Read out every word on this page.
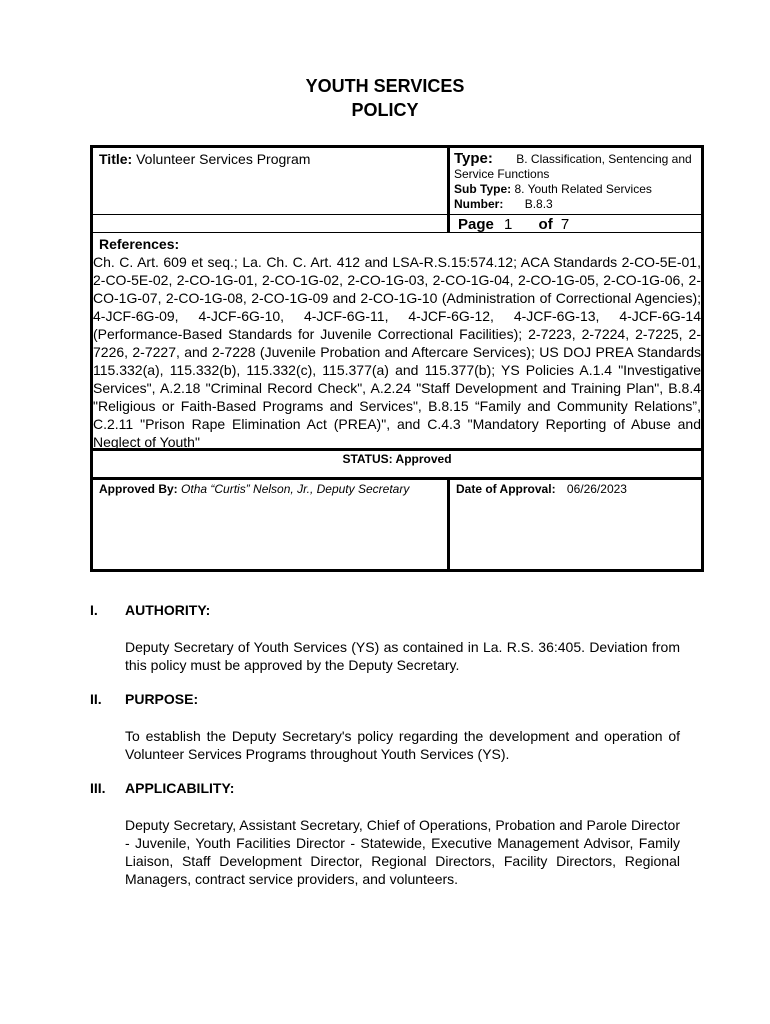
YOUTH SERVICES
POLICY
Title: Volunteer Services Program	Type: B. Classification, Sentencing and Service Functions
Sub Type: 8. Youth Related Services
Number: B.8.3
Page 1 of 7
References:
Ch. C. Art. 609 et seq.; La. Ch. C. Art. 412 and LSA-R.S.15:574.12; ACA Standards 2-CO-5E-01, 2-CO-5E-02, 2-CO-1G-01, 2-CO-1G-02, 2-CO-1G-03, 2-CO-1G-04, 2-CO-1G-05, 2-CO-1G-06, 2-CO-1G-07, 2-CO-1G-08, 2-CO-1G-09 and 2-CO-1G-10 (Administration of Correctional Agencies); 4-JCF-6G-09, 4-JCF-6G-10, 4-JCF-6G-11, 4-JCF-6G-12, 4-JCF-6G-13, 4-JCF-6G-14 (Performance-Based Standards for Juvenile Correctional Facilities); 2-7223, 2-7224, 2-7225, 2-7226, 2-7227, and 2-7228 (Juvenile Probation and Aftercare Services); US DOJ PREA Standards 115.332(a), 115.332(b), 115.332(c), 115.377(a) and 115.377(b); YS Policies A.1.4 "Investigative Services", A.2.18 "Criminal Record Check", A.2.24 "Staff Development and Training Plan", B.8.4 "Religious or Faith-Based Programs and Services", B.8.15 “Family and Community Relations”, C.2.11 "Prison Rape Elimination Act (PREA)", and C.4.3 "Mandatory Reporting of Abuse and Neglect of Youth"
STATUS: Approved
Approved By: Otha “Curtis” Nelson, Jr., Deputy Secretary	Date of Approval: 06/26/2023
I. AUTHORITY:
Deputy Secretary of Youth Services (YS) as contained in La. R.S. 36:405. Deviation from this policy must be approved by the Deputy Secretary.
II. PURPOSE:
To establish the Deputy Secretary's policy regarding the development and operation of Volunteer Services Programs throughout Youth Services (YS).
III. APPLICABILITY:
Deputy Secretary, Assistant Secretary, Chief of Operations, Probation and Parole Director - Juvenile, Youth Facilities Director - Statewide, Executive Management Advisor, Family Liaison, Staff Development Director, Regional Directors, Facility Directors, Regional Managers, contract service providers, and volunteers.
